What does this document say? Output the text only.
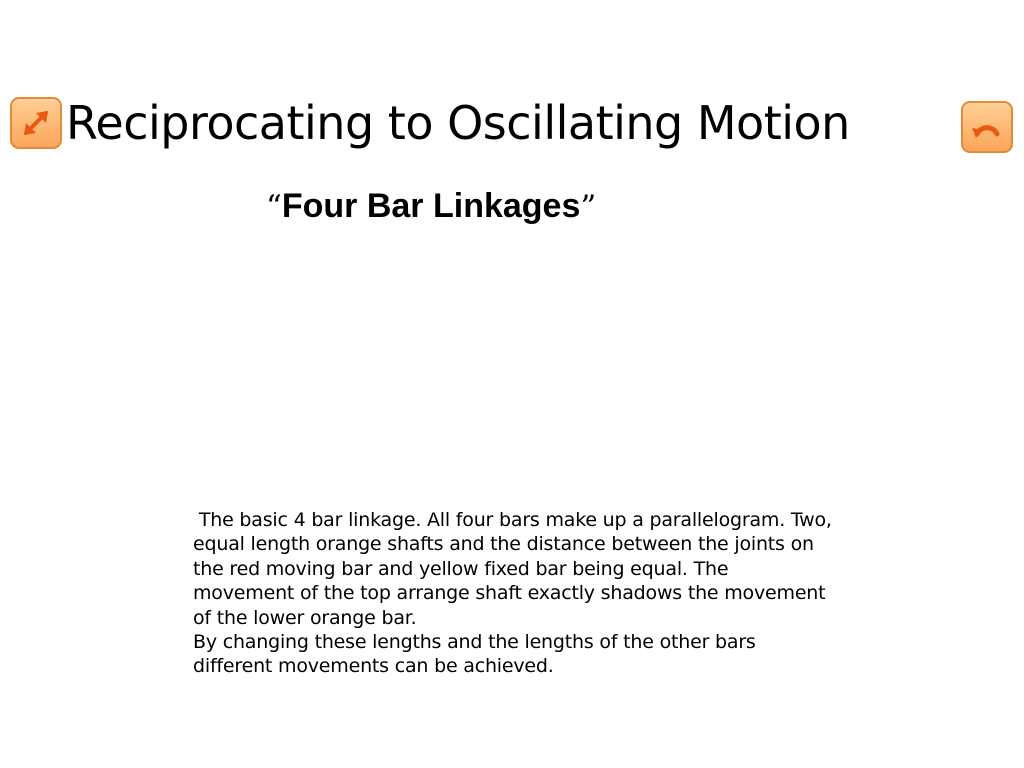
Reciprocating to Oscillating Motion
“Four Bar Linkages”

The basic 4 bar linkage. All four bars make up a parallelogram. Two, equal length orange shafts and the distance between the joints on the red moving bar and yellow fixed bar being equal. The movement of the top arrange shaft exactly shadows the movement of the lower orange bar.

By changing these lengths and the lengths of the other bars different movements can be achieved.
